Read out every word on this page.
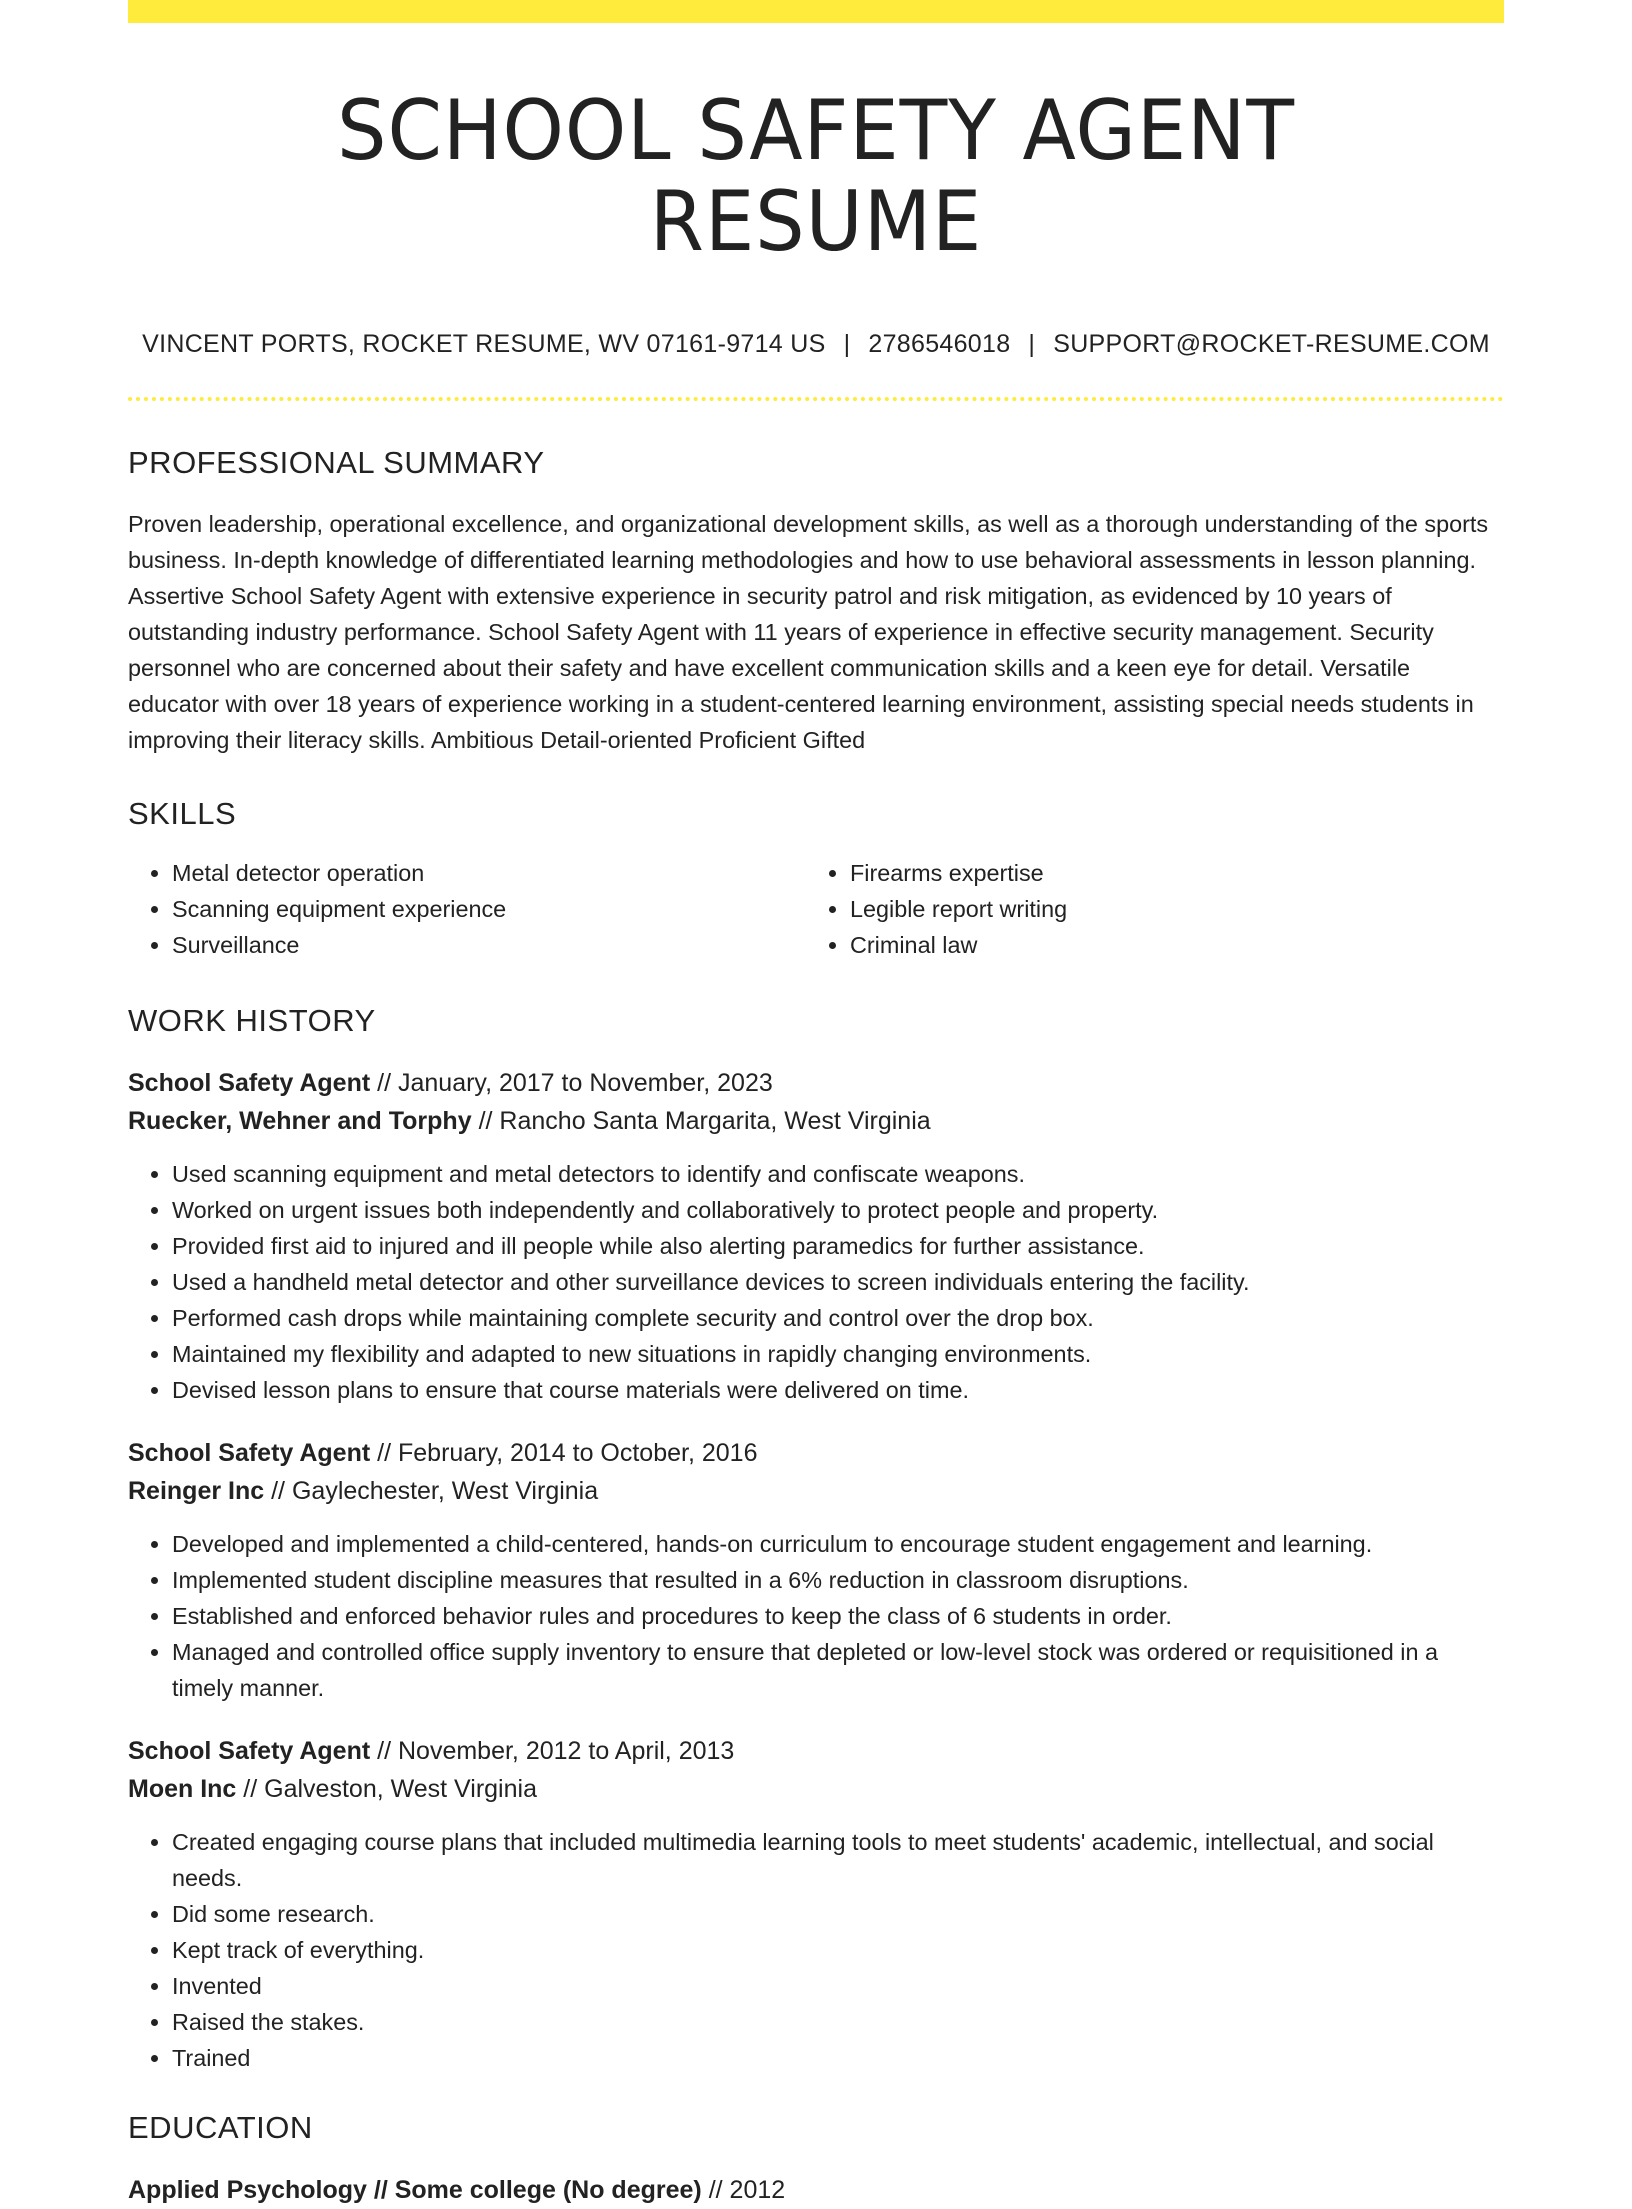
SCHOOL SAFETY AGENT RESUME
VINCENT PORTS, ROCKET RESUME, WV 07161-9714 US | 2786546018 | SUPPORT@ROCKET-RESUME.COM
PROFESSIONAL SUMMARY
Proven leadership, operational excellence, and organizational development skills, as well as a thorough understanding of the sports business. In-depth knowledge of differentiated learning methodologies and how to use behavioral assessments in lesson planning. Assertive School Safety Agent with extensive experience in security patrol and risk mitigation, as evidenced by 10 years of outstanding industry performance. School Safety Agent with 11 years of experience in effective security management. Security personnel who are concerned about their safety and have excellent communication skills and a keen eye for detail. Versatile educator with over 18 years of experience working in a student-centered learning environment, assisting special needs students in improving their literacy skills. Ambitious Detail-oriented Proficient Gifted
SKILLS
• Metal detector operation
• Scanning equipment experience
• Surveillance
• Firearms expertise
• Legible report writing
• Criminal law
WORK HISTORY
School Safety Agent // January, 2017 to November, 2023
Ruecker, Wehner and Torphy // Rancho Santa Margarita, West Virginia
• Used scanning equipment and metal detectors to identify and confiscate weapons.
• Worked on urgent issues both independently and collaboratively to protect people and property.
• Provided first aid to injured and ill people while also alerting paramedics for further assistance.
• Used a handheld metal detector and other surveillance devices to screen individuals entering the facility.
• Performed cash drops while maintaining complete security and control over the drop box.
• Maintained my flexibility and adapted to new situations in rapidly changing environments.
• Devised lesson plans to ensure that course materials were delivered on time.
School Safety Agent // February, 2014 to October, 2016
Reinger Inc // Gaylechester, West Virginia
• Developed and implemented a child-centered, hands-on curriculum to encourage student engagement and learning.
• Implemented student discipline measures that resulted in a 6% reduction in classroom disruptions.
• Established and enforced behavior rules and procedures to keep the class of 6 students in order.
• Managed and controlled office supply inventory to ensure that depleted or low-level stock was ordered or requisitioned in a timely manner.
School Safety Agent // November, 2012 to April, 2013
Moen Inc // Galveston, West Virginia
• Created engaging course plans that included multimedia learning tools to meet students' academic, intellectual, and social needs.
• Did some research.
• Kept track of everything.
• Invented
• Raised the stakes.
• Trained
EDUCATION
Applied Psychology // Some college (No degree) // 2012
